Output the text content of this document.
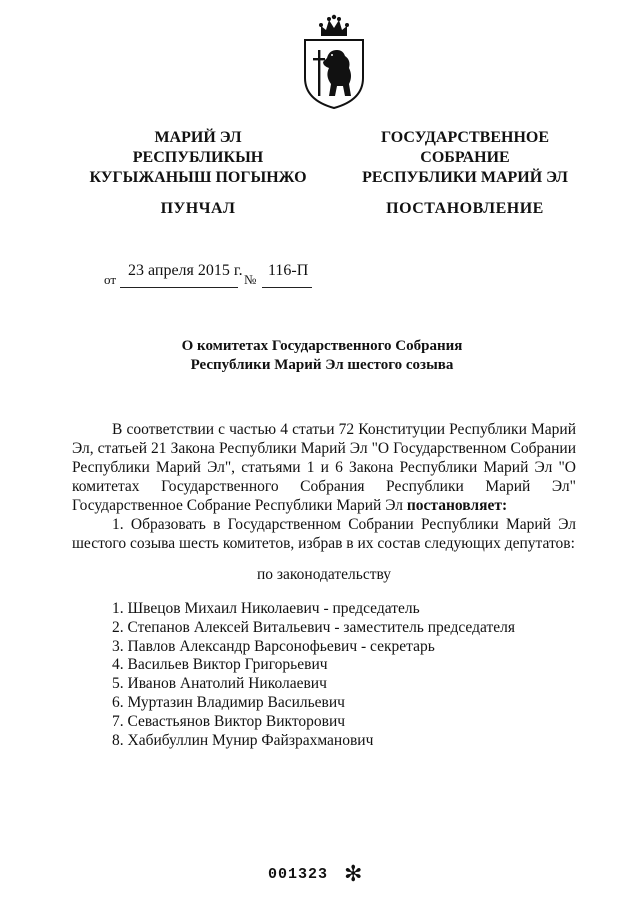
МАРИЙ ЭЛ
РЕСПУБЛИКЫН
КУГЫЖАНЫШ ПОГЫНЖО
ГОСУДАРСТВЕННОЕ
СОБРАНИЕ
РЕСПУБЛИКИ МАРИЙ ЭЛ
ПУНЧАЛ	ПОСТАНОВЛЕНИЕ
от
23 апреля 2015 г.
№
116-П
О комитетах Государственного Собрания
Республики Марий Эл шестого созыва

В соответствии с частью 4 статьи 72 Конституции Республики Марий Эл, статьей 21 Закона Республики Марий Эл "О Государственном Собрании Республики Марий Эл", статьями 1 и 6 Закона Республики Марий Эл "О комитетах Государственного Собрания Республики Марий Эл" Государственное Собрание Республики Марий Эл постановляет:

1. Образовать в Государственном Собрании Республики Марий Эл шестого созыва шесть комитетов, избрав в их состав следующих депутатов:

по законодательству
1. Швецов Михаил Николаевич - председатель
2. Степанов Алексей Витальевич - заместитель председателя
3. Павлов Александр Варсонофьевич - секретарь
4. Васильев Виктор Григорьевич
5. Иванов Анатолий Николаевич
6. Муртазин Владимир Васильевич
7. Севастьянов Виктор Викторович
8. Хабибуллин Мунир Файзрахманович
001323 ✻
